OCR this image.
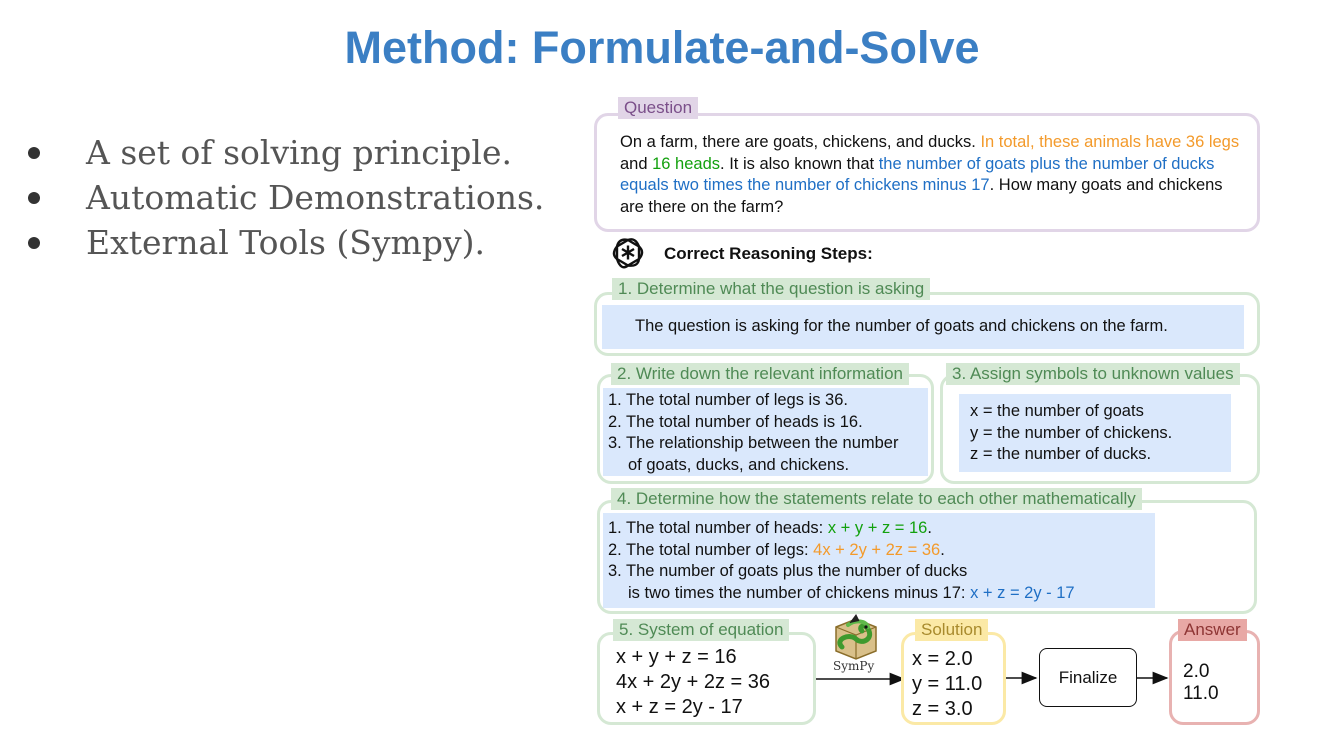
Method: Formulate-and-Solve
A set of solving principle.
Automatic Demonstrations.
External Tools (Sympy).
On a farm, there are goats, chickens, and ducks. In total, these animals have 36 legs and 16 heads. It is also known that the number of goats plus the number of ducks equals two times the number of chickens minus 17. How many goats and chickens are there on the farm?
Question
Correct Reasoning Steps:
The question is asking for the number of goats and chickens on the farm.
1. Determine what the question is asking
1. The total number of legs is 36.
2. The total number of heads is 16.
3. The relationship between the number
of goats, ducks, and chickens.
2. Write down the relevant information
x = the number of goats
y = the number of chickens.
z = the number of ducks.
3. Assign symbols to unknown values
1. The total number of heads: x + y + z = 16.
2. The total number of legs: 4x + 2y + 2z = 36.
3. The number of goats plus the number of ducks
is two times the number of chickens minus 17: x + z = 2y - 17
4. Determine how the statements relate to each other mathematically
x + y + z = 16
4x + 2y + 2z = 36
x + z = 2y - 17
5. System of equation
SymPy x = 2.0
y = 11.0
z = 3.0
Solution
Finalize	2.0
11.0
Answer
